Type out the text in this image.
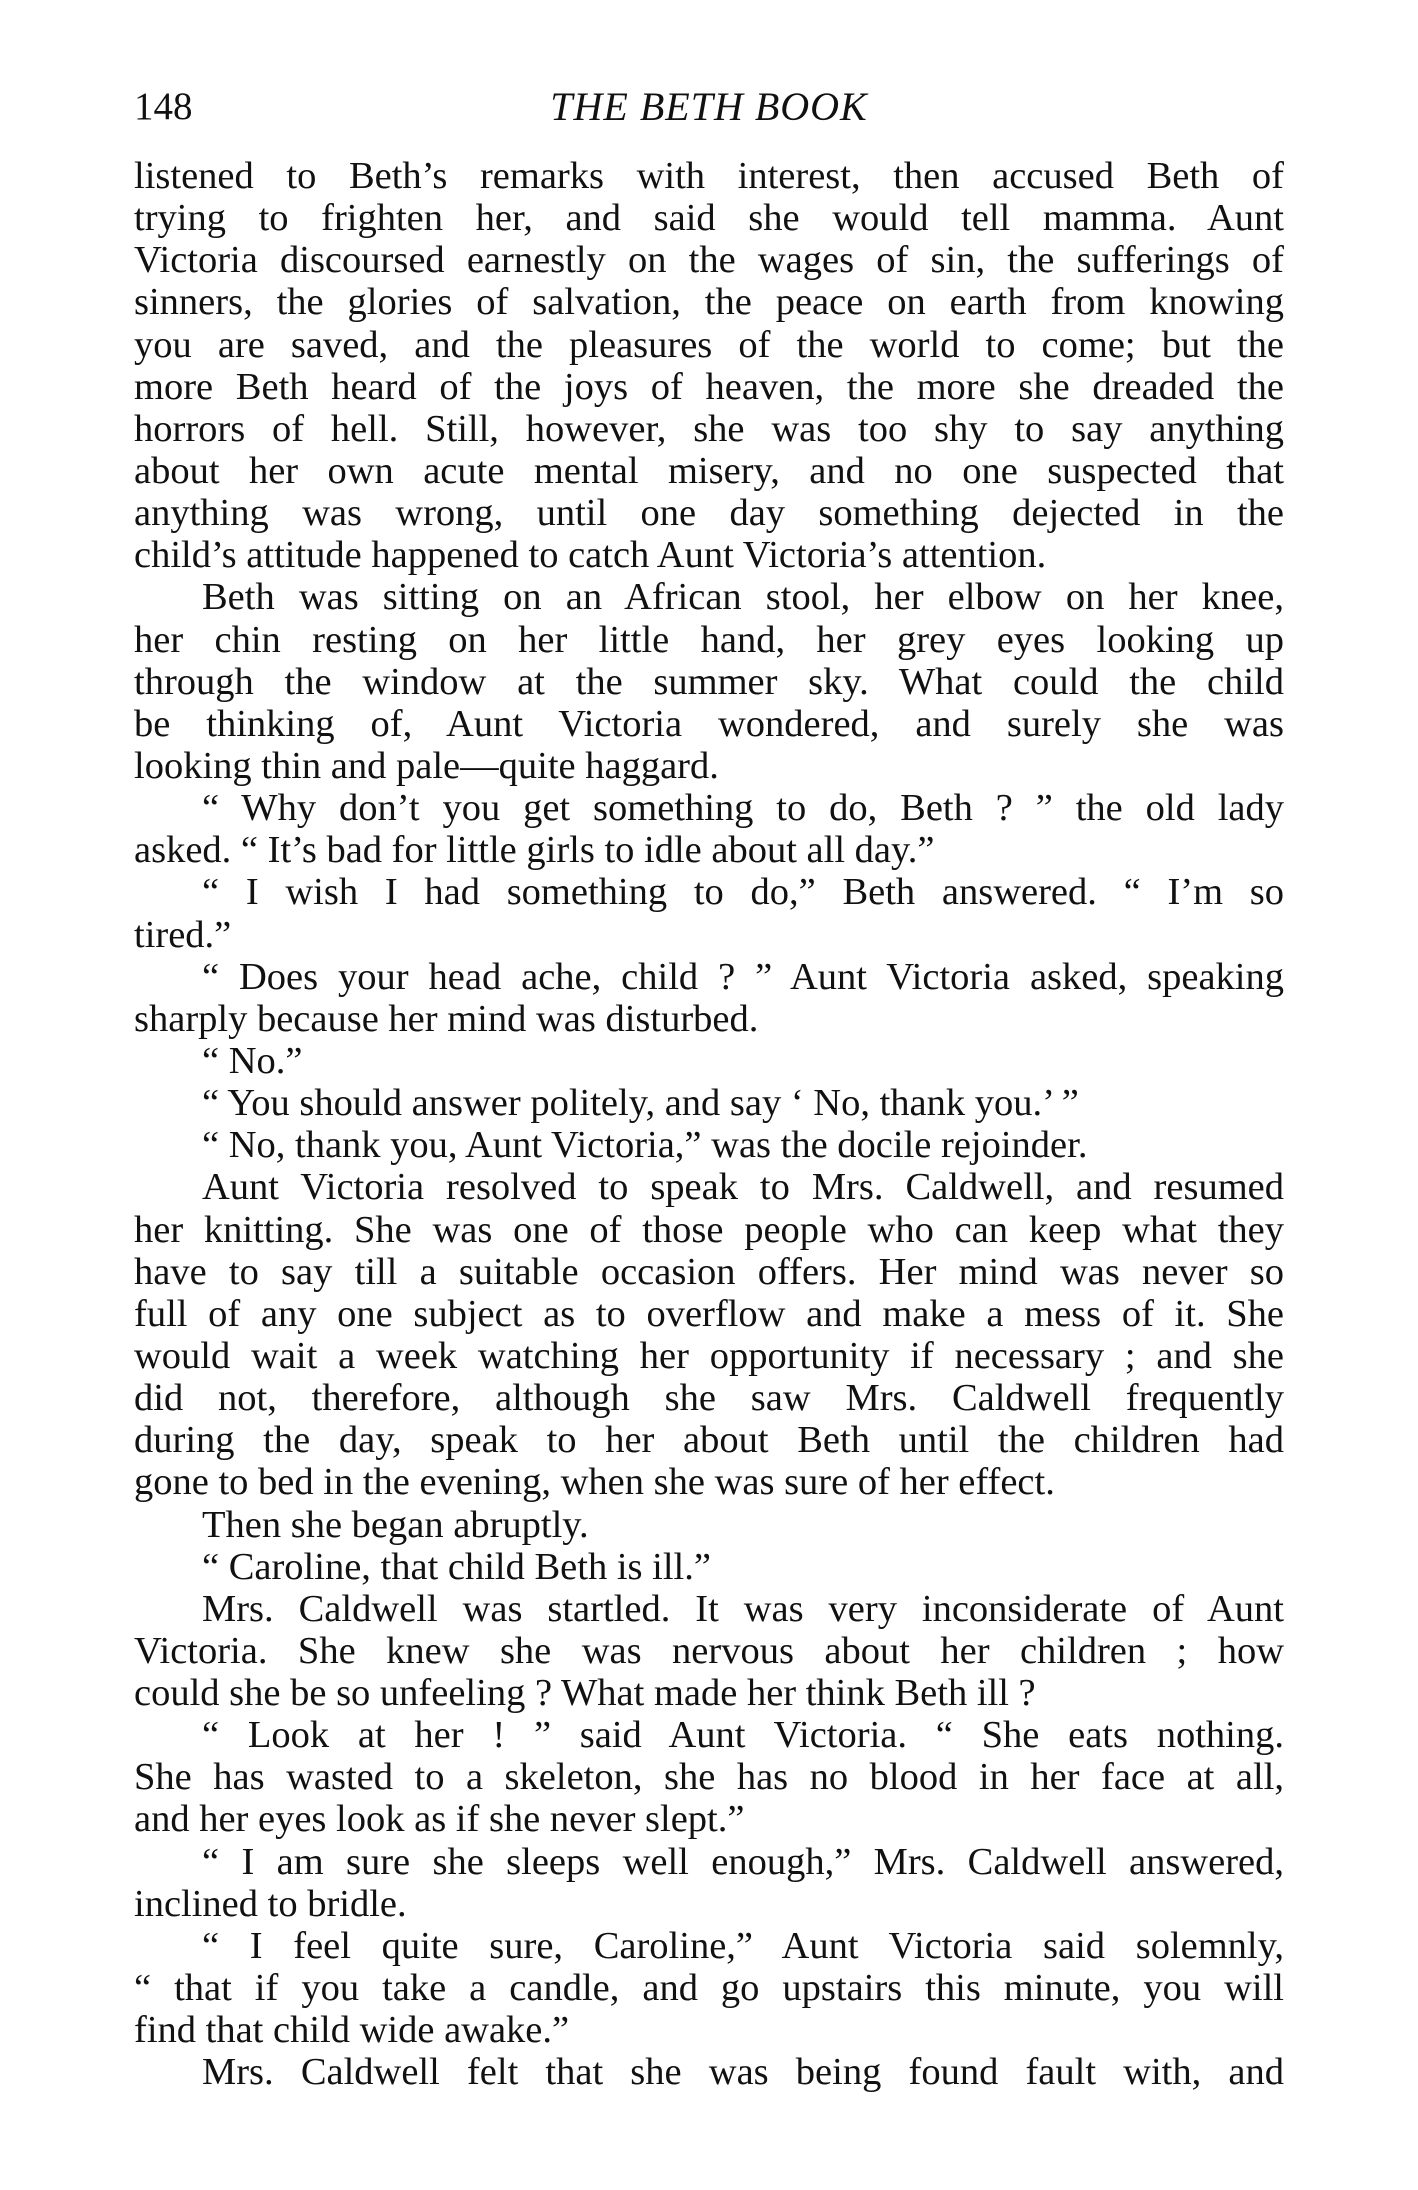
148	THE BETH BOOK
listened to Beth’s remarks with interest, then accused Beth of
trying to frighten her, and said she would tell mamma. Aunt
Victoria discoursed earnestly on the wages of sin, the sufferings of
sinners, the glories of salvation, the peace on earth from knowing
you are saved, and the pleasures of the world to come; but the
more Beth heard of the joys of heaven, the more she dreaded the
horrors of hell. Still, however, she was too shy to say anything
about her own acute mental misery, and no one suspected that
anything was wrong, until one day something dejected in the
child’s attitude happened to catch Aunt Victoria’s attention.
Beth was sitting on an African stool, her elbow on her knee,
her chin resting on her little hand, her grey eyes looking up
through the window at the summer sky. What could the child
be thinking of, Aunt Victoria wondered, and surely she was
looking thin and pale—quite haggard.
“ Why don’t you get something to do, Beth ? ” the old lady
asked. “ It’s bad for little girls to idle about all day.”
“ I wish I had something to do,” Beth answered. “ I’m so
tired.”
“ Does your head ache, child ? ” Aunt Victoria asked, speaking
sharply because her mind was disturbed.
“ No.”
“ You should answer politely, and say ‘ No, thank you.’ ”
“ No, thank you, Aunt Victoria,” was the docile rejoinder.
Aunt Victoria resolved to speak to Mrs. Caldwell, and resumed
her knitting. She was one of those people who can keep what they
have to say till a suitable occasion offers. Her mind was never so
full of any one subject as to overflow and make a mess of it. She
would wait a week watching her opportunity if necessary ; and she
did not, therefore, although she saw Mrs. Caldwell frequently
during the day, speak to her about Beth until the children had
gone to bed in the evening, when she was sure of her effect.
Then she began abruptly.
“ Caroline, that child Beth is ill.”
Mrs. Caldwell was startled. It was very inconsiderate of Aunt
Victoria. She knew she was nervous about her children ; how
could she be so unfeeling ? What made her think Beth ill ?
“ Look at her ! ” said Aunt Victoria. “ She eats nothing.
She has wasted to a skeleton, she has no blood in her face at all,
and her eyes look as if she never slept.”
“ I am sure she sleeps well enough,” Mrs. Caldwell answered,
inclined to bridle.
“ I feel quite sure, Caroline,” Aunt Victoria said solemnly,
“ that if you take a candle, and go upstairs this minute, you will
find that child wide awake.”
Mrs. Caldwell felt that she was being found fault with, and
